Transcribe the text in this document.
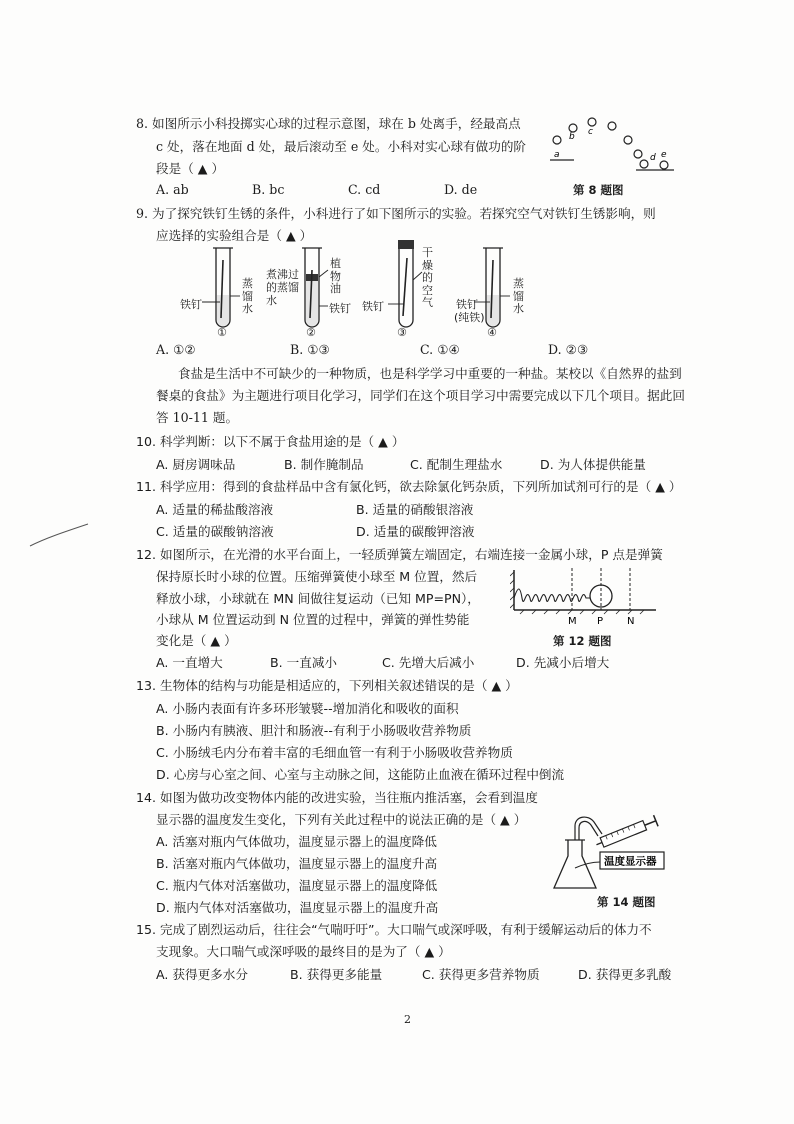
8. 如图所示小科投掷实心球的过程示意图，球在 b 处离手，经最高点
c 处，落在地面 d 处，最后滚动至 e 处。小科对实心球有做功的阶
段是（ ▲ ）
A. ab	B. bc	C. cd	D. de
a
b c
d e
第 8 题图
9. 为了探究铁钉生锈的条件，小科进行了如下图所示的实验。若探究空气对铁钉生锈影响，则
应选择的实验组合是（ ▲ ）
蒸馏水
铁钉
①
煮沸过的蒸馏水
植物油
铁钉
②
干燥的空气
铁钉
③
蒸馏水
铁钉
(纯铁)
④
A. ①②	B. ①③	C. ①④	D. ②③
食盐是生活中不可缺少的一种物质，也是科学学习中重要的一种盐。某校以《自然界的盐到
餐桌的食盐》为主题进行项目化学习，同学们在这个项目学习中需要完成以下几个项目。据此回
答 10-11 题。
10. 科学判断：以下不属于食盐用途的是（ ▲ ）
A. 厨房调味品	B. 制作腌制品	C. 配制生理盐水	D. 为人体提供能量
11. 科学应用：得到的食盐样品中含有氯化钙，欲去除氯化钙杂质，下列所加试剂可行的是（ ▲ ）
A. 适量的稀盐酸溶液	B. 适量的硝酸银溶液
C. 适量的碳酸钠溶液	D. 适量的碳酸钾溶液
12. 如图所示，在光滑的水平台面上，一轻质弹簧左端固定，右端连接一金属小球，P 点是弹簧
保持原长时小球的位置。压缩弹簧使小球至 M 位置，然后
释放小球，小球就在 MN 间做往复运动（已知 MP=PN），
小球从 M 位置运动到 N 位置的过程中，弹簧的弹性势能
变化是（ ▲ ）
M P N
第 12 题图
A. 一直增大	B. 一直减小	C. 先增大后减小	D. 先减小后增大
13. 生物体的结构与功能是相适应的，下列相关叙述错误的是（ ▲ ）
A. 小肠内表面有许多环形皱襞--增加消化和吸收的面积
B. 小肠内有胰液、胆汁和肠液--有利于小肠吸收营养物质
C. 小肠绒毛内分布着丰富的毛细血管一有利于小肠吸收营养物质
D. 心房与心室之间、心室与主动脉之间，这能防止血液在循环过程中倒流
14. 如图为做功改变物体内能的改进实验，当往瓶内推活塞，会看到温度
显示器的温度发生变化，下列有关此过程中的说法正确的是（ ▲ ）
A. 活塞对瓶内气体做功，温度显示器上的温度降低
B. 活塞对瓶内气体做功，温度显示器上的温度升高
C. 瓶内气体对活塞做功，温度显示器上的温度降低
D. 瓶内气体对活塞做功，温度显示器上的温度升高
温度显示器
第 14 题图
15. 完成了剧烈运动后，往往会“气喘吁吁”。大口喘气或深呼吸，有利于缓解运动后的体力不
支现象。大口喘气或深呼吸的最终目的是为了（ ▲ ）
A. 获得更多水分	B. 获得更多能量	C. 获得更多营养物质	D. 获得更多乳酸
2
